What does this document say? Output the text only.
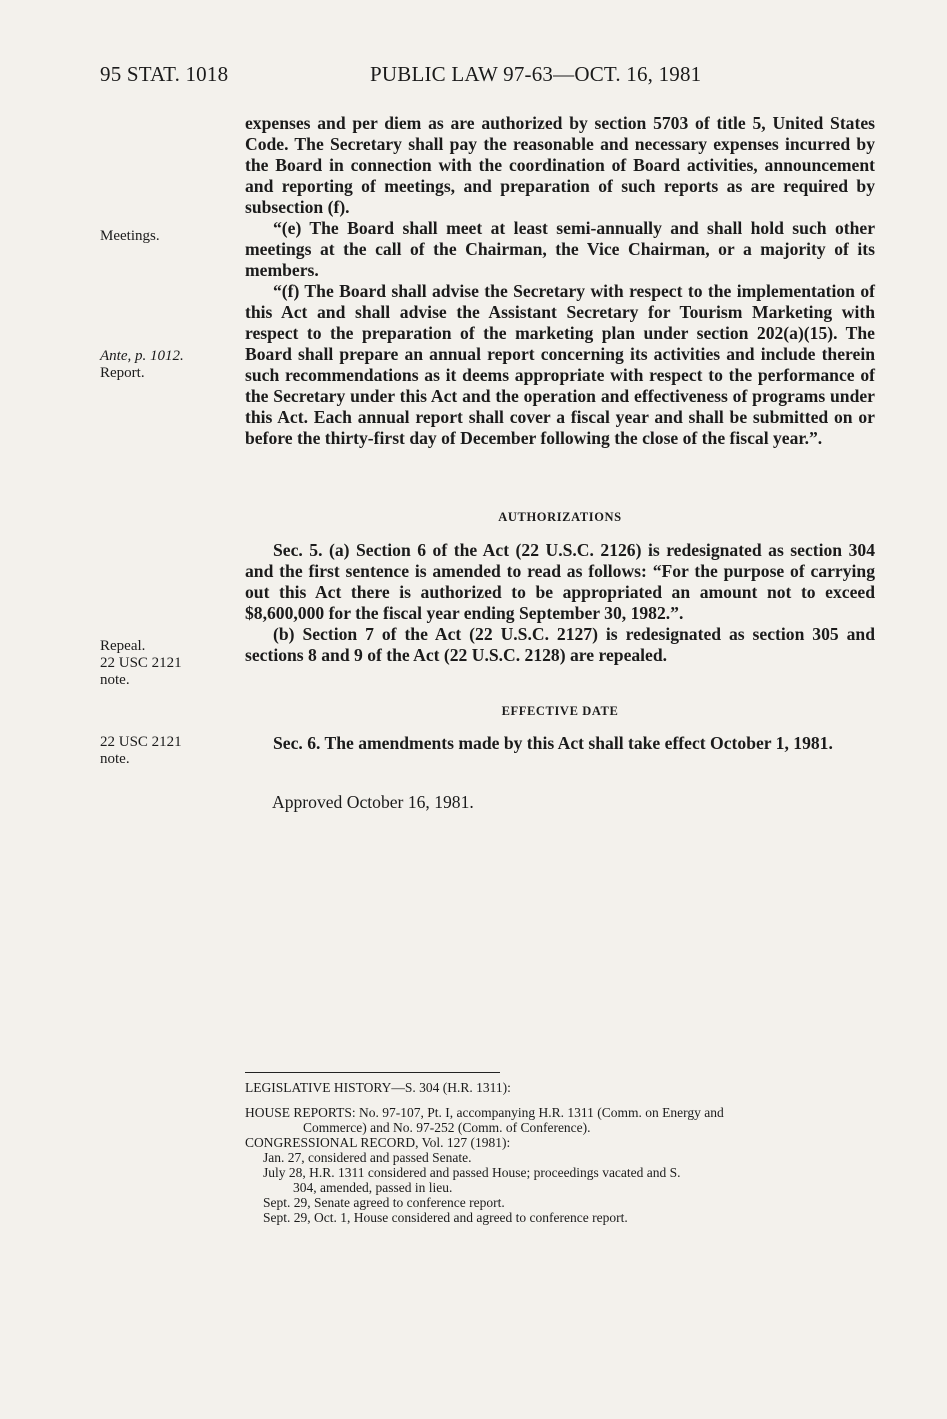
95 STAT. 1018	PUBLIC LAW 97-63—OCT. 16, 1981
Meetings.
Ante, p. 1012.
Report.
Repeal.
22 USC 2121
note.
22 USC 2121
note.

expenses and per diem as are authorized by section 5703 of title 5, United States Code. The Secretary shall pay the reasonable and necessary expenses incurred by the Board in connection with the coordination of Board activities, announcement and reporting of meetings, and preparation of such reports as are required by subsection (f).

“(e) The Board shall meet at least semi-annually and shall hold such other meetings at the call of the Chairman, the Vice Chairman, or a majority of its members.

“(f) The Board shall advise the Secretary with respect to the implementation of this Act and shall advise the Assistant Secretary for Tourism Marketing with respect to the preparation of the marketing plan under section 202(a)(15). The Board shall prepare an annual report concerning its activities and include therein such recommendations as it deems appropriate with respect to the performance of the Secretary under this Act and the operation and effectiveness of programs under this Act. Each annual report shall cover a fiscal year and shall be submitted on or before the thirty-first day of December following the close of the fiscal year.”.

AUTHORIZATIONS

Sec. 5. (a) Section 6 of the Act (22 U.S.C. 2126) is redesignated as section 304 and the first sentence is amended to read as follows: “For the purpose of carrying out this Act there is authorized to be appropriated an amount not to exceed $8,600,000 for the fiscal year ending September 30, 1982.”.

(b) Section 7 of the Act (22 U.S.C. 2127) is redesignated as section 305 and sections 8 and 9 of the Act (22 U.S.C. 2128) are repealed.

EFFECTIVE DATE

Sec. 6. The amendments made by this Act shall take effect October 1, 1981.

Approved October 16, 1981.

LEGISLATIVE HISTORY—S. 304 (H.R. 1311):

HOUSE REPORTS: No. 97-107, Pt. I, accompanying H.R. 1311 (Comm. on Energy and

Commerce) and No. 97-252 (Comm. of Conference).

CONGRESSIONAL RECORD, Vol. 127 (1981):

Jan. 27, considered and passed Senate.

July 28, H.R. 1311 considered and passed House; proceedings vacated and S.

304, amended, passed in lieu.

Sept. 29, Senate agreed to conference report.

Sept. 29, Oct. 1, House considered and agreed to conference report.
